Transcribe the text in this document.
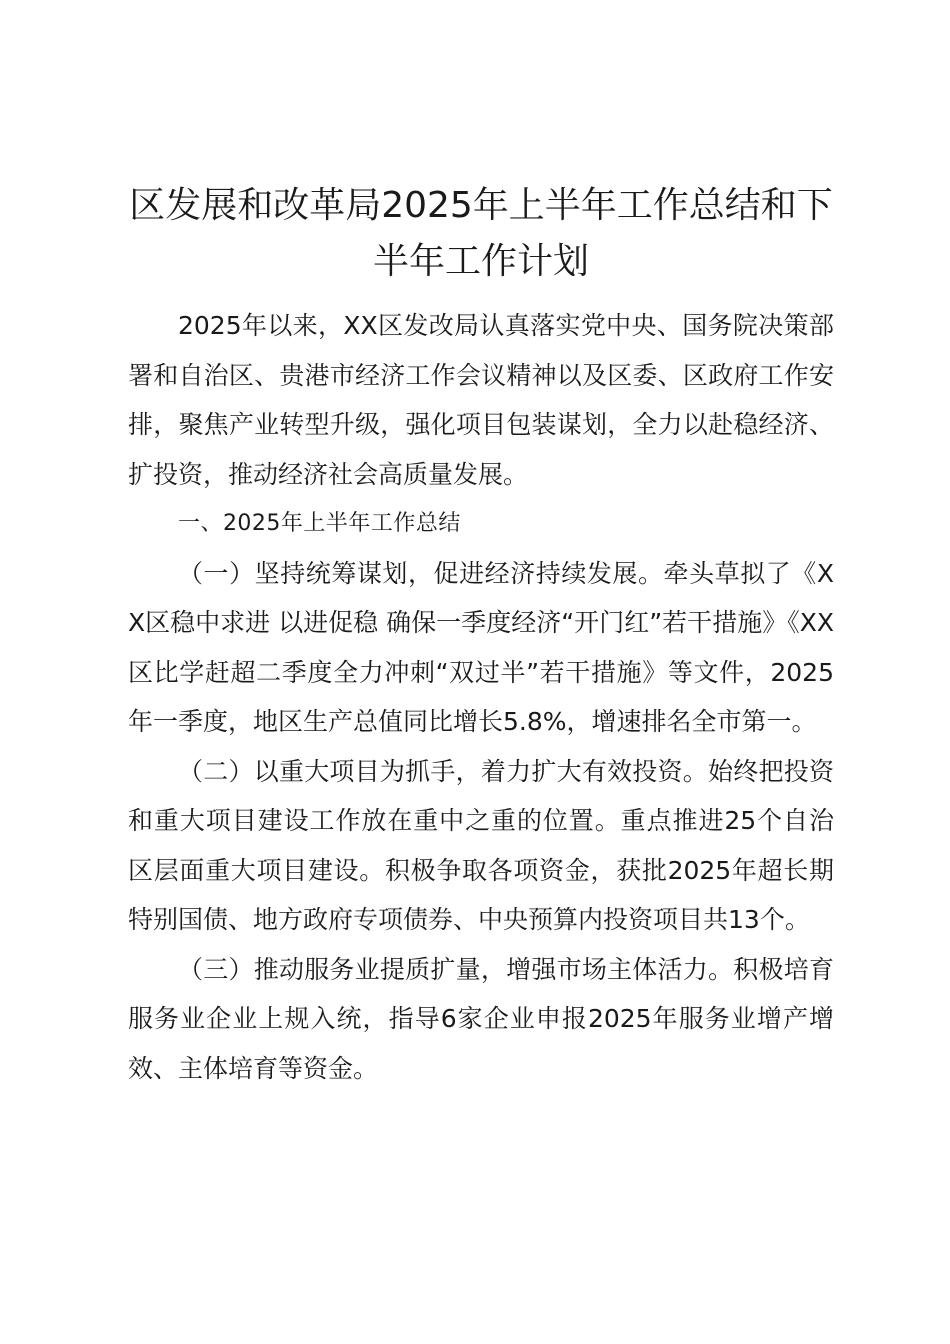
区发展和改革局2025年上半年工作总结和下半年工作计划

2025年以来，XX区发改局认真落实党中央、国务院决策部署和自治区、贵港市经济工作会议精神以及区委、区政府工作安排，聚焦产业转型升级，强化项目包装谋划，全力以赴稳经济、扩投资，推动经济社会高质量发展。

一、2025年上半年工作总结

（一）坚持统筹谋划，促进经济持续发展。牵头草拟了《XX区稳中求进 以进促稳 确保一季度经济“开门红”若干措施》《XX区比学赶超二季度全力冲刺“双过半”若干措施》等文件，2025年一季度，地区生产总值同比增长5.8%，增速排名全市第一。

（二）以重大项目为抓手，着力扩大有效投资。始终把投资和重大项目建设工作放在重中之重的位置。重点推进25个自治区层面重大项目建设。积极争取各项资金，获批2025年超长期特别国债、地方政府专项债券、中央预算内投资项目共13个。

（三）推动服务业提质扩量，增强市场主体活力。积极培育服务业企业上规入统，指导6家企业申报2025年服务业增产增效、主体培育等资金。
